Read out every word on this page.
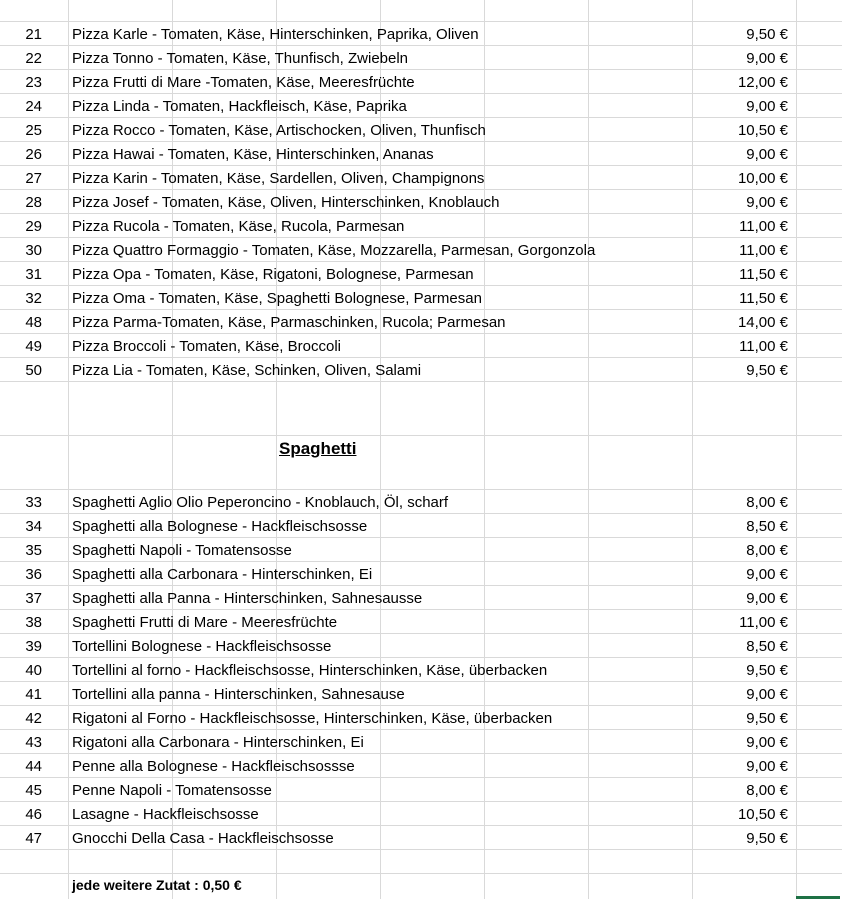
21 Pizza Karle - Tomaten, Käse, Hinterschinken, Paprika, Oliven	9,50 €
22 Pizza Tonno - Tomaten, Käse, Thunfisch, Zwiebeln	9,00 €
23 Pizza Frutti di Mare -Tomaten, Käse, Meeresfrüchte	12,00 €
24 Pizza Linda - Tomaten, Hackfleisch, Käse, Paprika	9,00 €
25 Pizza Rocco - Tomaten, Käse, Artischocken, Oliven, Thunfisch	10,50 €
26 Pizza Hawai - Tomaten, Käse, Hinterschinken, Ananas	9,00 €
27 Pizza Karin - Tomaten, Käse, Sardellen, Oliven, Champignons	10,00 €
28 Pizza Josef - Tomaten, Käse, Oliven, Hinterschinken, Knoblauch	9,00 €
29 Pizza Rucola - Tomaten, Käse, Rucola, Parmesan	11,00 €
30 Pizza Quattro Formaggio - Tomaten, Käse, Mozzarella, Parmesan, Gorgonzola	11,00 €
31 Pizza Opa - Tomaten, Käse, Rigatoni, Bolognese, Parmesan	11,50 €
32 Pizza Oma - Tomaten, Käse, Spaghetti Bolognese, Parmesan	11,50 €
48 Pizza Parma-Tomaten, Käse, Parmaschinken, Rucola; Parmesan	14,00 €
49 Pizza Broccoli - Tomaten, Käse, Broccoli	11,00 €
50 Pizza Lia - Tomaten, Käse, Schinken, Oliven, Salami	9,50 €
Spaghetti
33 Spaghetti Aglio Olio Peperoncino - Knoblauch, Öl, scharf	8,00 €
34 Spaghetti alla Bolognese - Hackfleischsosse	8,50 €
35 Spaghetti Napoli - Tomatensosse	8,00 €
36 Spaghetti alla Carbonara - Hinterschinken, Ei	9,00 €
37 Spaghetti alla Panna - Hinterschinken, Sahnesausse	9,00 €
38 Spaghetti Frutti di Mare - Meeresfrüchte	11,00 €
39 Tortellini Bolognese - Hackfleischsosse	8,50 €
40 Tortellini al forno - Hackfleischsosse, Hinterschinken, Käse, überbacken	9,50 €
41 Tortellini alla panna - Hinterschinken, Sahnesause	9,00 €
42 Rigatoni al Forno - Hackfleischsosse, Hinterschinken, Käse, überbacken	9,50 €
43 Rigatoni alla Carbonara - Hinterschinken, Ei	9,00 €
44 Penne alla Bolognese - Hackfleischsossse	9,00 €
45 Penne Napoli - Tomatensosse	8,00 €
46 Lasagne - Hackfleischsosse	10,50 €
47 Gnocchi Della Casa - Hackfleischsosse	9,50 €
jede weitere Zutat : 0,50 €
